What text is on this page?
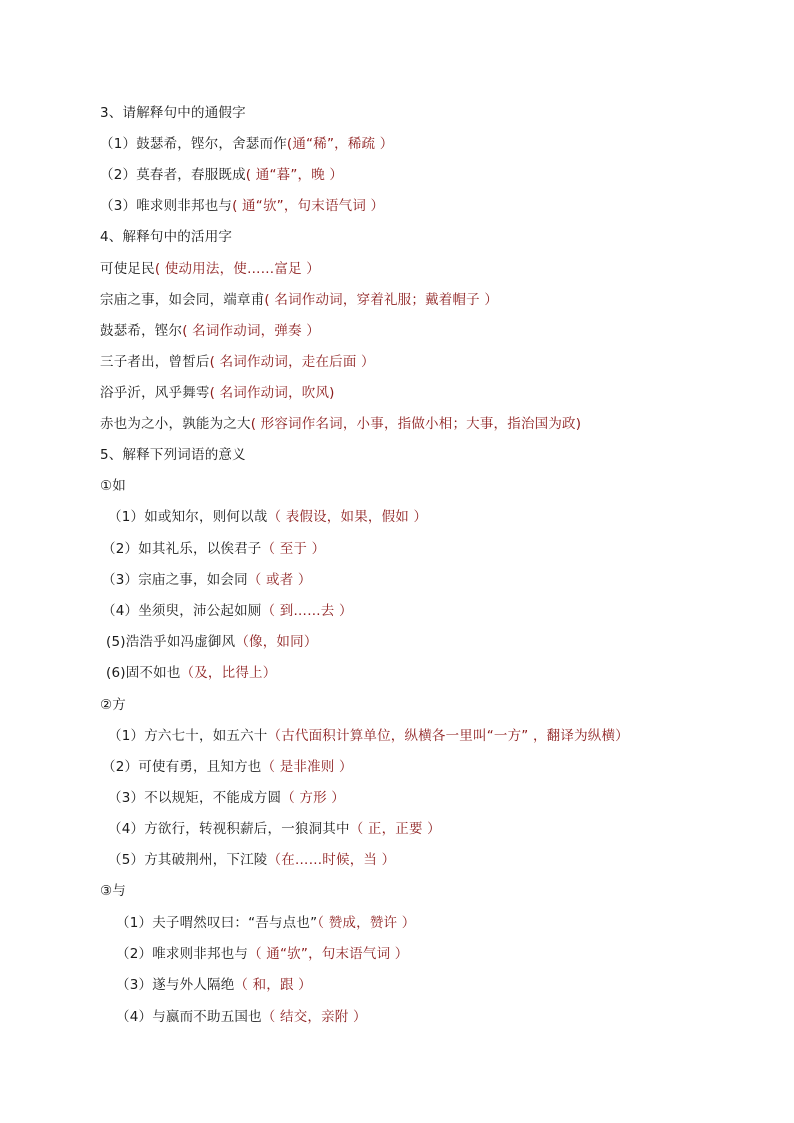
3、请解释句中的通假字
（1）鼓瑟希，铿尔，舍瑟而作(通“稀”，稀疏 ）
（2）莫春者，春服既成( 通“暮”，晚 ）
（3）唯求则非邦也与( 通“欤”，句末语气词 ）
4、解释句中的活用字
可使足民( 使动用法，使……富足 ）
宗庙之事，如会同，端章甫( 名词作动词，穿着礼服；戴着帽子 ）
鼓瑟希，铿尔( 名词作动词，弹奏 ）
三子者出，曾皙后( 名词作动词，走在后面 ）
浴乎沂，风乎舞雩( 名词作动词，吹风)
赤也为之小，孰能为之大( 形容词作名词，小事，指做小相；大事，指治国为政)
5、解释下列词语的意义
①如
（1）如或知尔，则何以哉（ 表假设，如果，假如 ）
（2）如其礼乐，以俟君子（ 至于 ）
（3）宗庙之事，如会同（ 或者 ）
（4）坐须臾，沛公起如厕（ 到……去 ）
(5)浩浩乎如冯虚御风（像，如同）
(6)固不如也（及，比得上）
②方
（1）方六七十，如五六十（古代面积计算单位，纵横各一里叫“一方” ，翻译为纵横）
（2）可使有勇，且知方也（ 是非准则 ）
（3）不以规矩，不能成方圆（ 方形 ）
（4）方欲行，转视积薪后，一狼洞其中（ 正，正要 ）
（5）方其破荆州，下江陵（在……时候，当 ）
③与
（1）夫子喟然叹曰：“吾与点也”（ 赞成，赞许 ）
（2）唯求则非邦也与（ 通“欤”，句末语气词 ）
（3）遂与外人隔绝（ 和，跟 ）
（4）与嬴而不助五国也（ 结交，亲附 ）
